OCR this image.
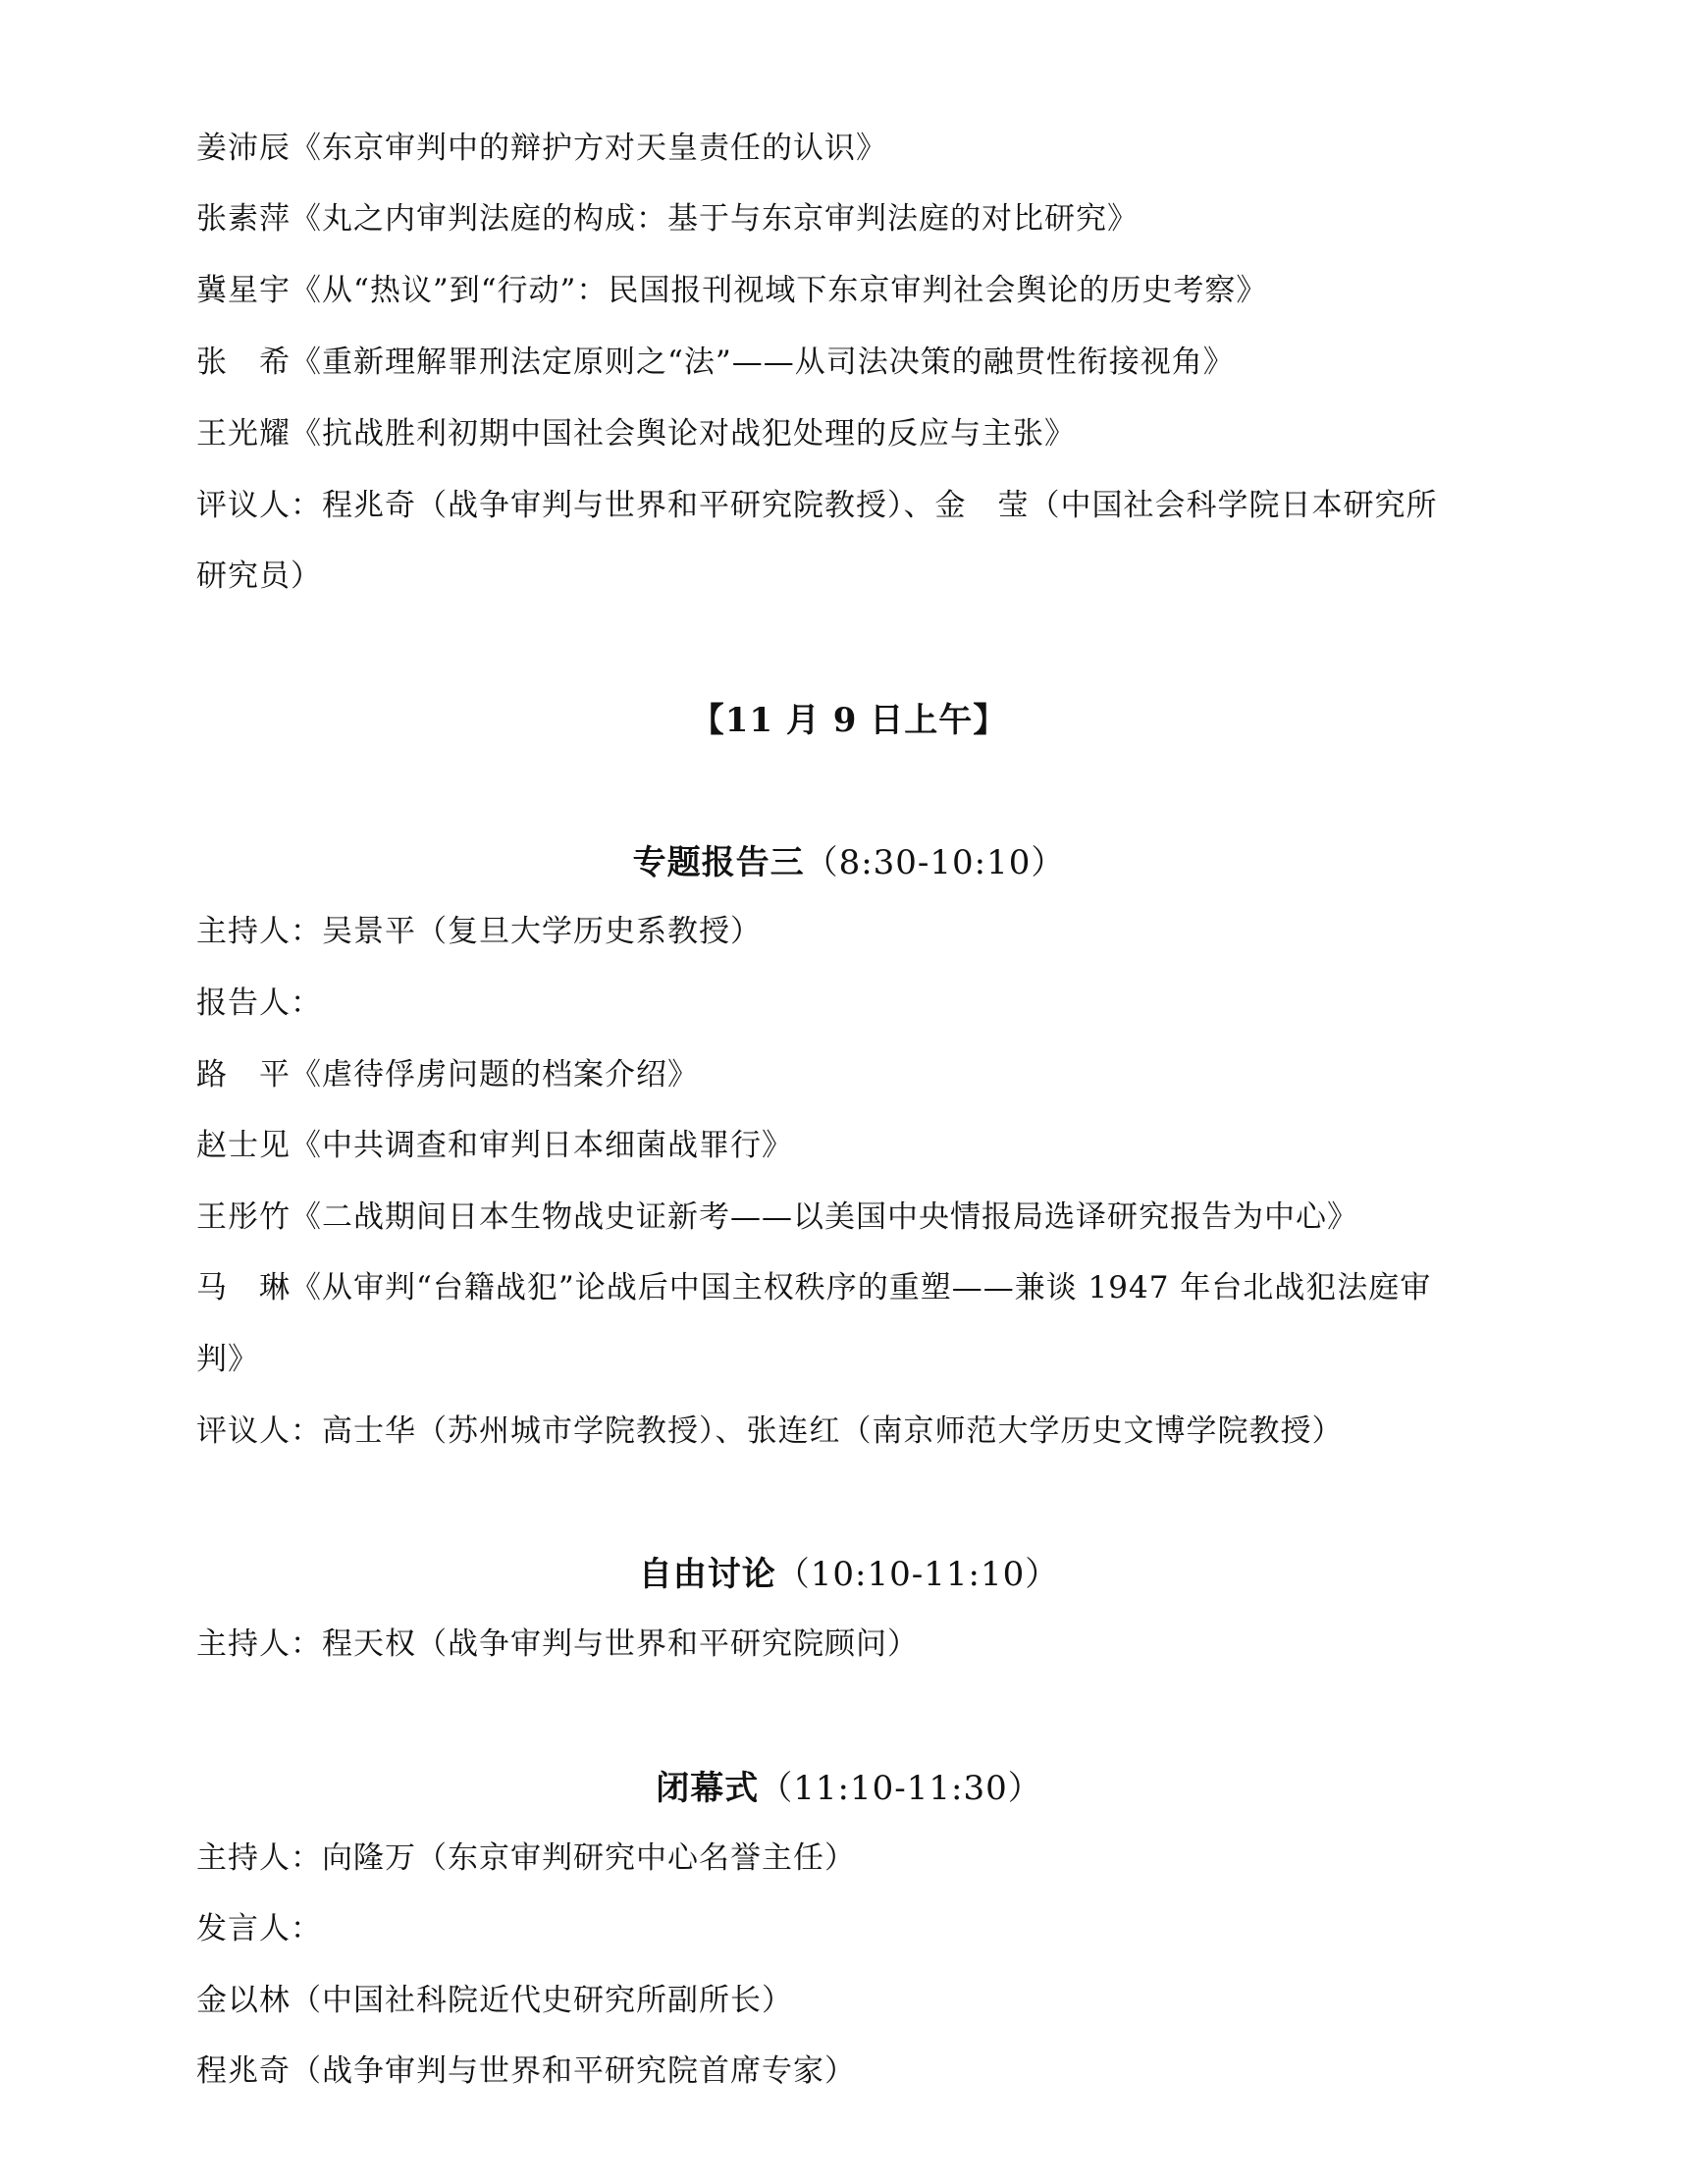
姜沛辰《东京审判中的辩护方对天皇责任的认识》
张素萍《丸之内审判法庭的构成：基于与东京审判法庭的对比研究》
冀星宇《从“热议”到“行动”：民国报刊视域下东京审判社会舆论的历史考察》
张　希《重新理解罪刑法定原则之“法”——从司法决策的融贯性衔接视角》
王光耀《抗战胜利初期中国社会舆论对战犯处理的反应与主张》
评议人：程兆奇（战争审判与世界和平研究院教授）、金　莹（中国社会科学院日本研究所
研究员）
【11 月 9 日上午】
专题报告三（8:30-10:10）
主持人：吴景平（复旦大学历史系教授）
报告人：
路　平《虐待俘虏问题的档案介绍》
赵士见《中共调查和审判日本细菌战罪行》
王彤竹《二战期间日本生物战史证新考——以美国中央情报局选译研究报告为中心》
马　琳《从审判“台籍战犯”论战后中国主权秩序的重塑——兼谈 1947 年台北战犯法庭审
判》
评议人：高士华（苏州城市学院教授）、张连红（南京师范大学历史文博学院教授）
自由讨论（10:10-11:10）
主持人：程天权（战争审判与世界和平研究院顾问）
闭幕式（11:10-11:30）
主持人：向隆万（东京审判研究中心名誉主任）
发言人：
金以林（中国社科院近代史研究所副所长）
程兆奇（战争审判与世界和平研究院首席专家）
